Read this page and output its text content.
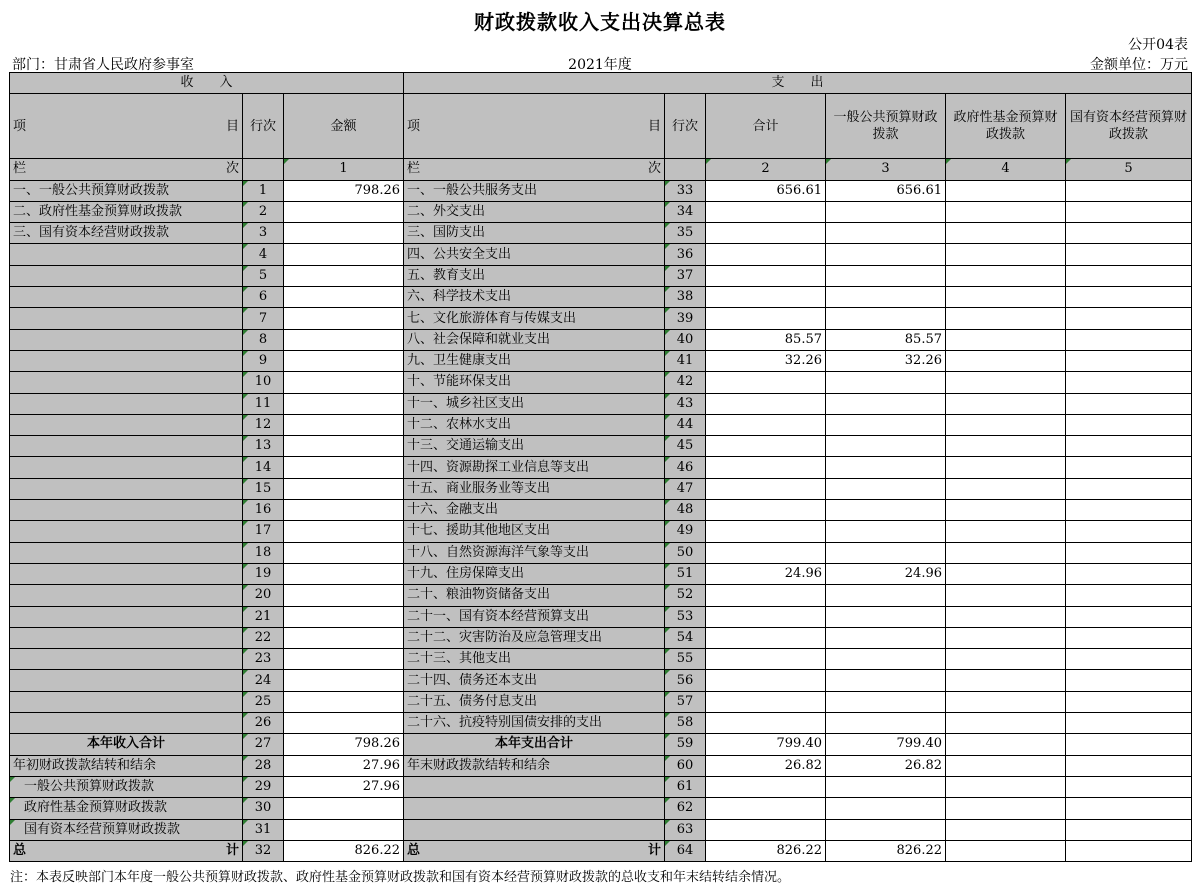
财政拨款收入支出决算总表
公开04表
部门：甘肃省人民政府参事室	2021年度	金额单位：万元
收　　入			支　　出					

项 目	行次	金额	项 目	行次	合计	一般公共预算财政拨款	政府性基金预算财政拨款	国有资本经营预算财政拨款

栏 次		1	栏 次		2	3	4	5
一、一般公共预算财政拨款	1	798.26	一、一般公共服务支出	33	656.61	656.61		
二、政府性基金预算财政拨款	2		二、外交支出	34				
三、国有资本经营财政拨款	3		三、国防支出	35				
	4		四、公共安全支出	36				
	5		五、教育支出	37				
	6		六、科学技术支出	38				
	7		七、文化旅游体育与传媒支出	39				
	8		八、社会保障和就业支出	40	85.57	85.57		
	9		九、卫生健康支出	41	32.26	32.26		
	10		十、节能环保支出	42				
	11		十一、城乡社区支出	43				
	12		十二、农林水支出	44				
	13		十三、交通运输支出	45				
	14		十四、资源勘探工业信息等支出	46				
	15		十五、商业服务业等支出	47				
	16		十六、金融支出	48				
	17		十七、援助其他地区支出	49				
	18		十八、自然资源海洋气象等支出	50				
	19		十九、住房保障支出	51	24.96	24.96		
	20		二十、粮油物资储备支出	52				
	21		二十一、国有资本经营预算支出	53				
	22		二十二、灾害防治及应急管理支出	54				
	23		二十三、其他支出	55				
	24		二十四、债务还本支出	56				
	25		二十五、债务付息支出	57				
	26		二十六、抗疫特别国债安排的支出	58				
本年收入合计	27	798.26	本年支出合计	59	799.40	799.40		
年初财政拨款结转和结余	28	27.96	年末财政拨款结转和结余	60	26.82	26.82		
一般公共预算财政拨款	29	27.96		61				
政府性基金预算财政拨款	30			62				
国有资本经营预算财政拨款	31			63				

总 计	32	826.22	总 计	64	826.22	826.22		
注：本表反映部门本年度一般公共预算财政拨款、政府性基金预算财政拨款和国有资本经营预算财政拨款的总收支和年末结转结余情况。
